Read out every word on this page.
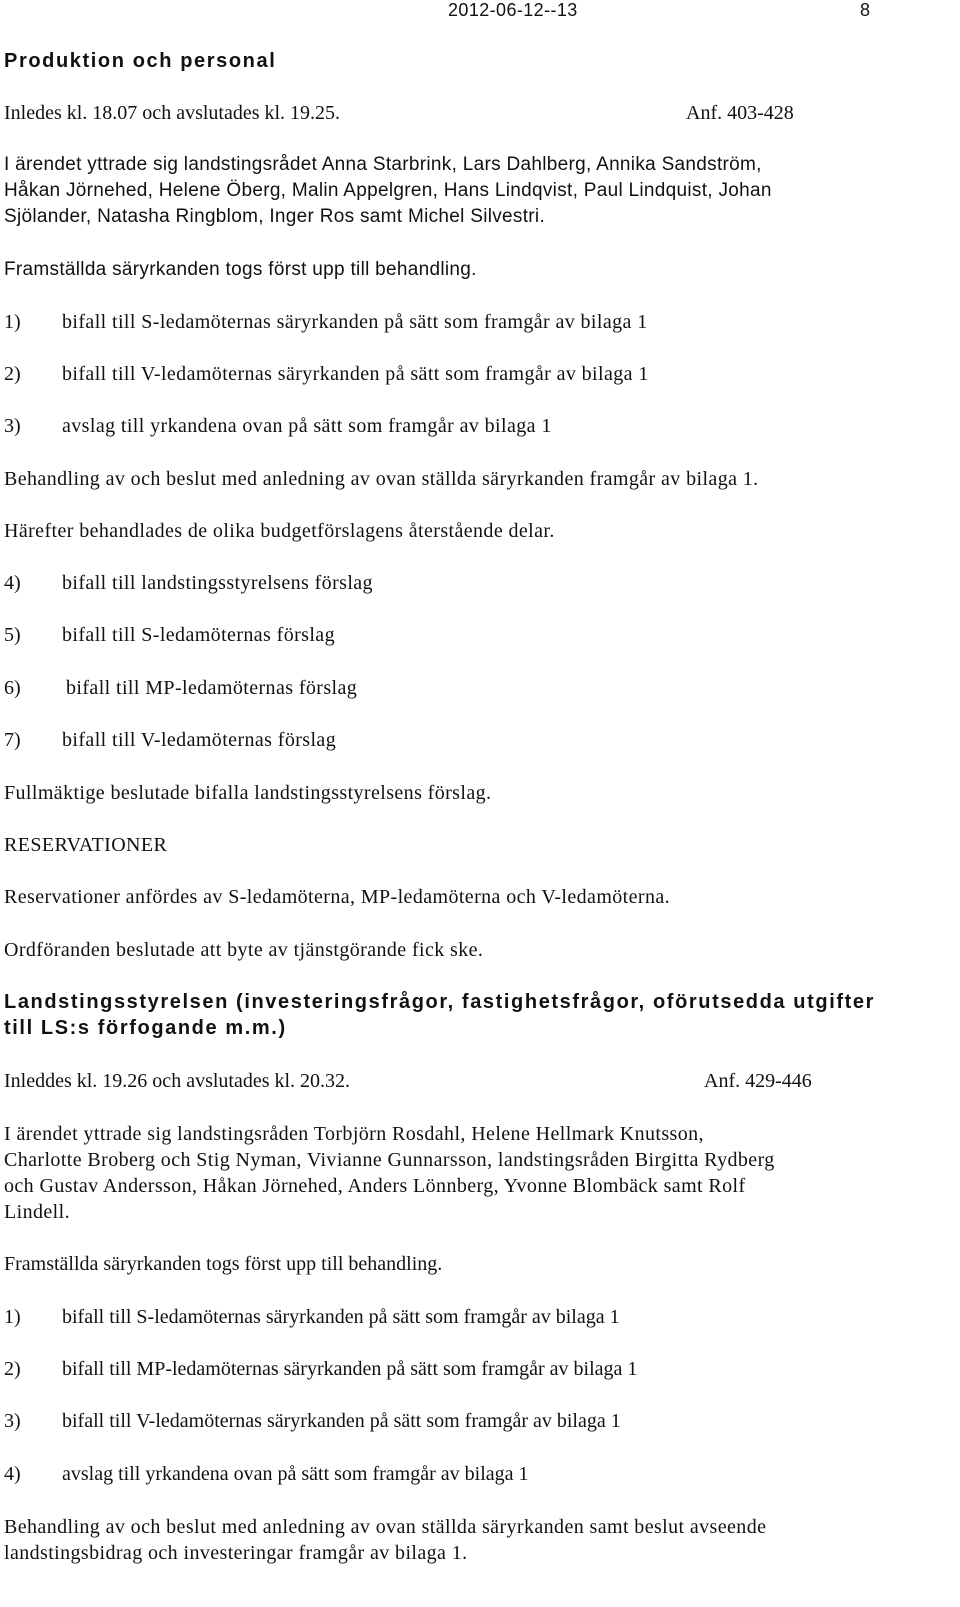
2012-06-12--13	8
Produktion och personal
Inledes kl. 18.07 och avslutades kl. 19.25.	Anf. 403-428
I ärendet yttrade sig landstingsrådet Anna Starbrink, Lars Dahlberg, Annika Sandström,
Håkan Jörnehed, Helene Öberg, Malin Appelgren, Hans Lindqvist, Paul Lindquist, Johan
Sjölander, Natasha Ringblom, Inger Ros samt Michel Silvestri.
Framställda säryrkanden togs först upp till behandling.
1) bifall till S-ledamöternas säryrkanden på sätt som framgår av bilaga 1
2) bifall till V-ledamöternas säryrkanden på sätt som framgår av bilaga 1
3) avslag till yrkandena ovan på sätt som framgår av bilaga 1
Behandling av och beslut med anledning av ovan ställda säryrkanden framgår av bilaga 1.
Härefter behandlades de olika budgetförslagens återstående delar.
4) bifall till landstingsstyrelsens förslag
5) bifall till S-ledamöternas förslag
6) bifall till MP-ledamöternas förslag
7) bifall till V-ledamöternas förslag
Fullmäktige beslutade bifalla landstingsstyrelsens förslag.
RESERVATIONER
Reservationer anfördes av S-ledamöterna, MP-ledamöterna och V-ledamöterna.
Ordföranden beslutade att byte av tjänstgörande fick ske.
Landstingsstyrelsen (investeringsfrågor, fastighetsfrågor, oförutsedda utgifter
till LS:s förfogande m.m.)
Inleddes kl. 19.26 och avslutades kl. 20.32.	Anf. 429-446
I ärendet yttrade sig landstingsråden Torbjörn Rosdahl, Helene Hellmark Knutsson,
Charlotte Broberg och Stig Nyman, Vivianne Gunnarsson, landstingsråden Birgitta Rydberg
och Gustav Andersson, Håkan Jörnehed, Anders Lönnberg, Yvonne Blombäck samt Rolf
Lindell.
Framställda säryrkanden togs först upp till behandling.
1) bifall till S-ledamöternas säryrkanden på sätt som framgår av bilaga 1
2) bifall till MP-ledamöternas säryrkanden på sätt som framgår av bilaga 1
3) bifall till V-ledamöternas säryrkanden på sätt som framgår av bilaga 1
4) avslag till yrkandena ovan på sätt som framgår av bilaga 1
Behandling av och beslut med anledning av ovan ställda säryrkanden samt beslut avseende
landstingsbidrag och investeringar framgår av bilaga 1.
